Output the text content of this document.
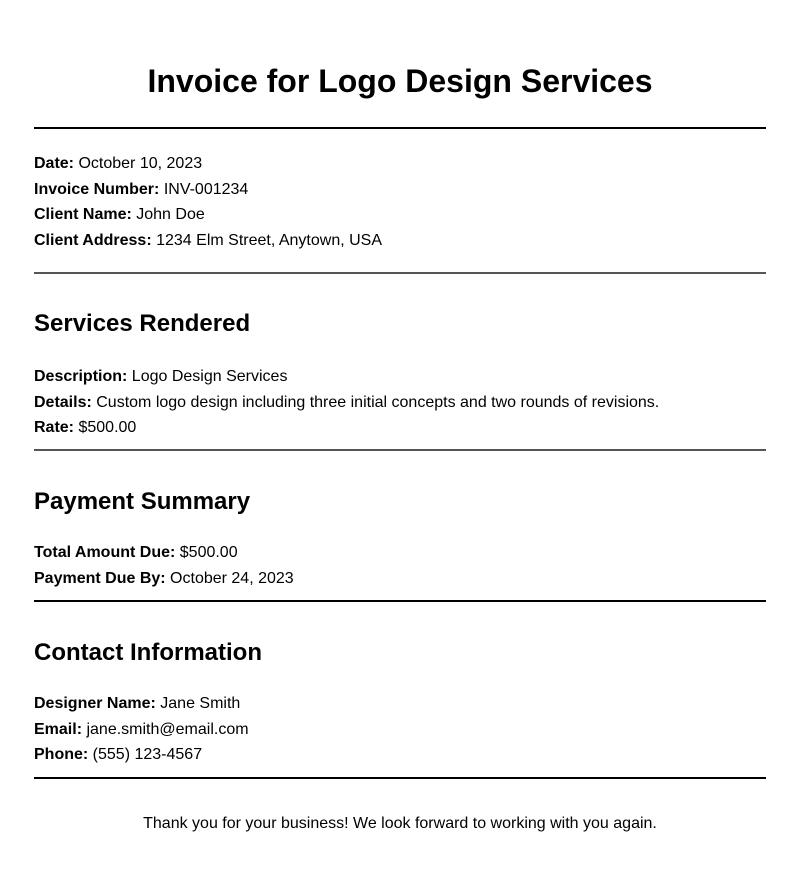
Invoice for Logo Design Services
Date: October 10, 2023
Invoice Number: INV-001234
Client Name: John Doe
Client Address: 1234 Elm Street, Anytown, USA
Services Rendered
Description: Logo Design Services
Details: Custom logo design including three initial concepts and two rounds of revisions.
Rate: $500.00
Payment Summary
Total Amount Due: $500.00
Payment Due By: October 24, 2023
Contact Information
Designer Name: Jane Smith
Email: jane.smith@email.com
Phone: (555) 123-4567
Thank you for your business! We look forward to working with you again.
